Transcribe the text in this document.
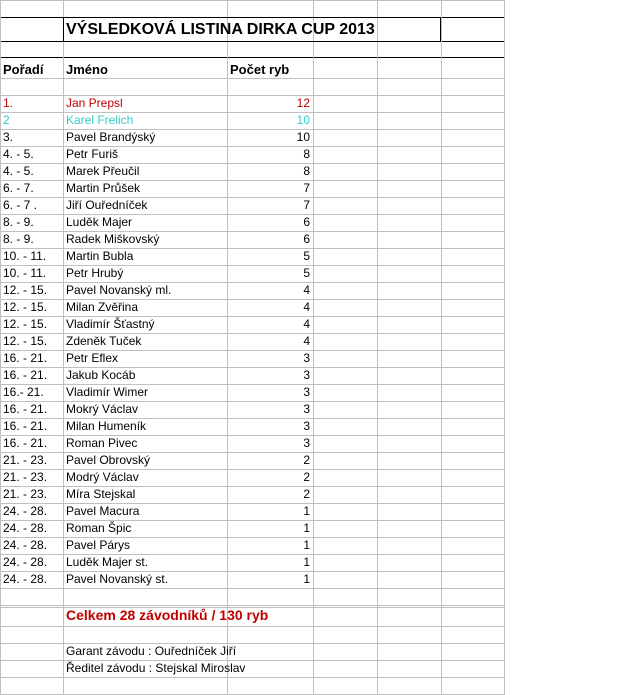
VÝSLEDKOVÁ LISTINA DIRKA CUP 2013
Pořadí Jméno	Počet ryb
1.	Jan Prepsl	12
2	Karel Frelich	10
3.	Pavel Brandýský	10
4. - 5.	Petr Furiš	8
4. - 5.	Marek Přeučil	8
6. - 7.	Martin Průšek	7
6. - 7 . Jiří Ouředníček	7
8. - 9.	Luděk Majer	6
8. - 9.	Radek Miškovský	6
10. - 11. Martin Bubla	5
10. - 11. Petr Hrubý	5
12. - 15. Pavel Novanský ml.	4
12. - 15. Milan Zvěřina	4
12. - 15. Vladimír Šťastný	4
12. - 15. Zdeněk Tuček	4
16. - 21. Petr Eflex	3
16. - 21. Jakub Kocáb	3
16.- 21. Vladimír Wimer	3
16. - 21. Mokrý Václav	3
16. - 21. Milan Humeník	3
16. - 21. Roman Pivec	3
21. - 23. Pavel Obrovský	2
21. - 23. Modrý Václav	2
21. - 23. Míra Stejskal	2
24. - 28. Pavel Macura	1
24. - 28. Roman Špic	1
24. - 28. Pavel Párys	1
24. - 28. Luděk Majer st.	1
24. - 28. Pavel Novanský st.	1
Celkem 28 závodníků / 130 ryb
Garant závodu : Ouředníček Jiří
Ředitel závodu : Stejskal Miroslav
